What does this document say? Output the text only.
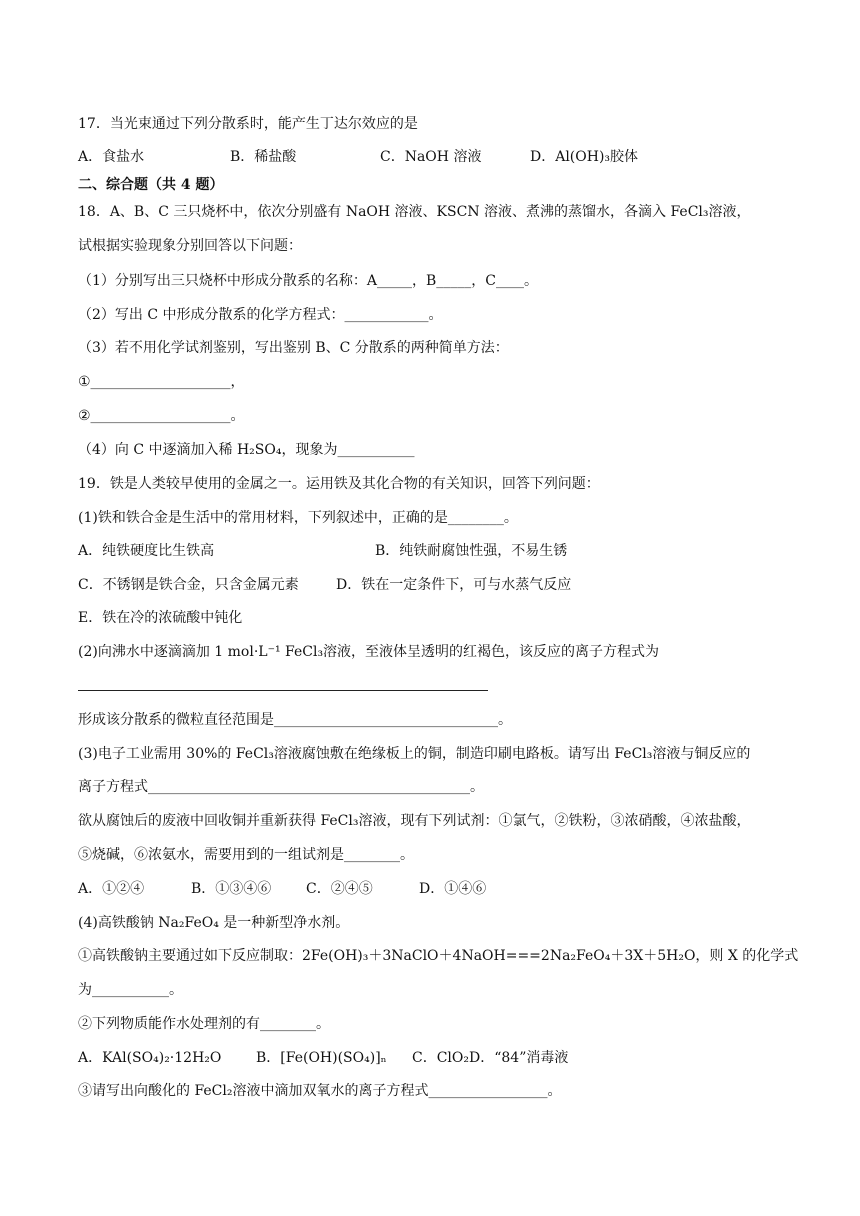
17．当光束通过下列分散系时，能产生丁达尔效应的是
A．食盐水	B．稀盐酸	C．NaOH 溶液	D．Al(OH)₃胶体
二、综合题（共 4 题）
18．A、B、C 三只烧杯中，依次分别盛有 NaOH 溶液、KSCN 溶液、煮沸的蒸馏水，各滴入 FeCl₃溶液，
试根据实验现象分别回答以下问题：
（1）分别写出三只烧杯中形成分散系的名称：A_____，B_____，C____。
（2）写出 C 中形成分散系的化学方程式：____________。
（3）若不用化学试剂鉴别，写出鉴别 B、C 分散系的两种简单方法：
①____________________，
②____________________。
（4）向 C 中逐滴加入稀 H₂SO₄，现象为___________
19．铁是人类较早使用的金属之一。运用铁及其化合物的有关知识，回答下列问题：
(1)铁和铁合金是生活中的常用材料，下列叙述中，正确的是________。
A．纯铁硬度比生铁高	B．纯铁耐腐蚀性强，不易生锈
C．不锈钢是铁合金，只含金属元素	D．铁在一定条件下，可与水蒸气反应
E．铁在冷的浓硫酸中钝化
(2)向沸水中逐滴滴加 1 mol·L⁻¹ FeCl₃溶液，至液体呈透明的红褐色，该反应的离子方程式为
形成该分散系的微粒直径范围是________________________________。
(3)电子工业需用 30%的 FeCl₃溶液腐蚀敷在绝缘板上的铜，制造印刷电路板。请写出 FeCl₃溶液与铜反应的
离子方程式______________________________________________。
欲从腐蚀后的废液中回收铜并重新获得 FeCl₃溶液，现有下列试剂：①氯气，②铁粉，③浓硝酸，④浓盐酸，
⑤烧碱，⑥浓氨水，需要用到的一组试剂是________。
A．①②④	B．①③④⑥ C．②④⑤	D．①④⑥
(4)高铁酸钠 Na₂FeO₄ 是一种新型净水剂。
①高铁酸钠主要通过如下反应制取：2Fe(OH)₃＋3NaClO＋4NaOH===2Na₂FeO₄＋3X＋5H₂O，则 X 的化学式
为___________。
②下列物质能作水处理剂的有________。
A．KAl(SO₄)₂·12H₂O B．[Fe(OH)(SO₄)]ₙ C．ClO₂D．“84”消毒液
③请写出向酸化的 FeCl₂溶液中滴加双氧水的离子方程式_________________。
